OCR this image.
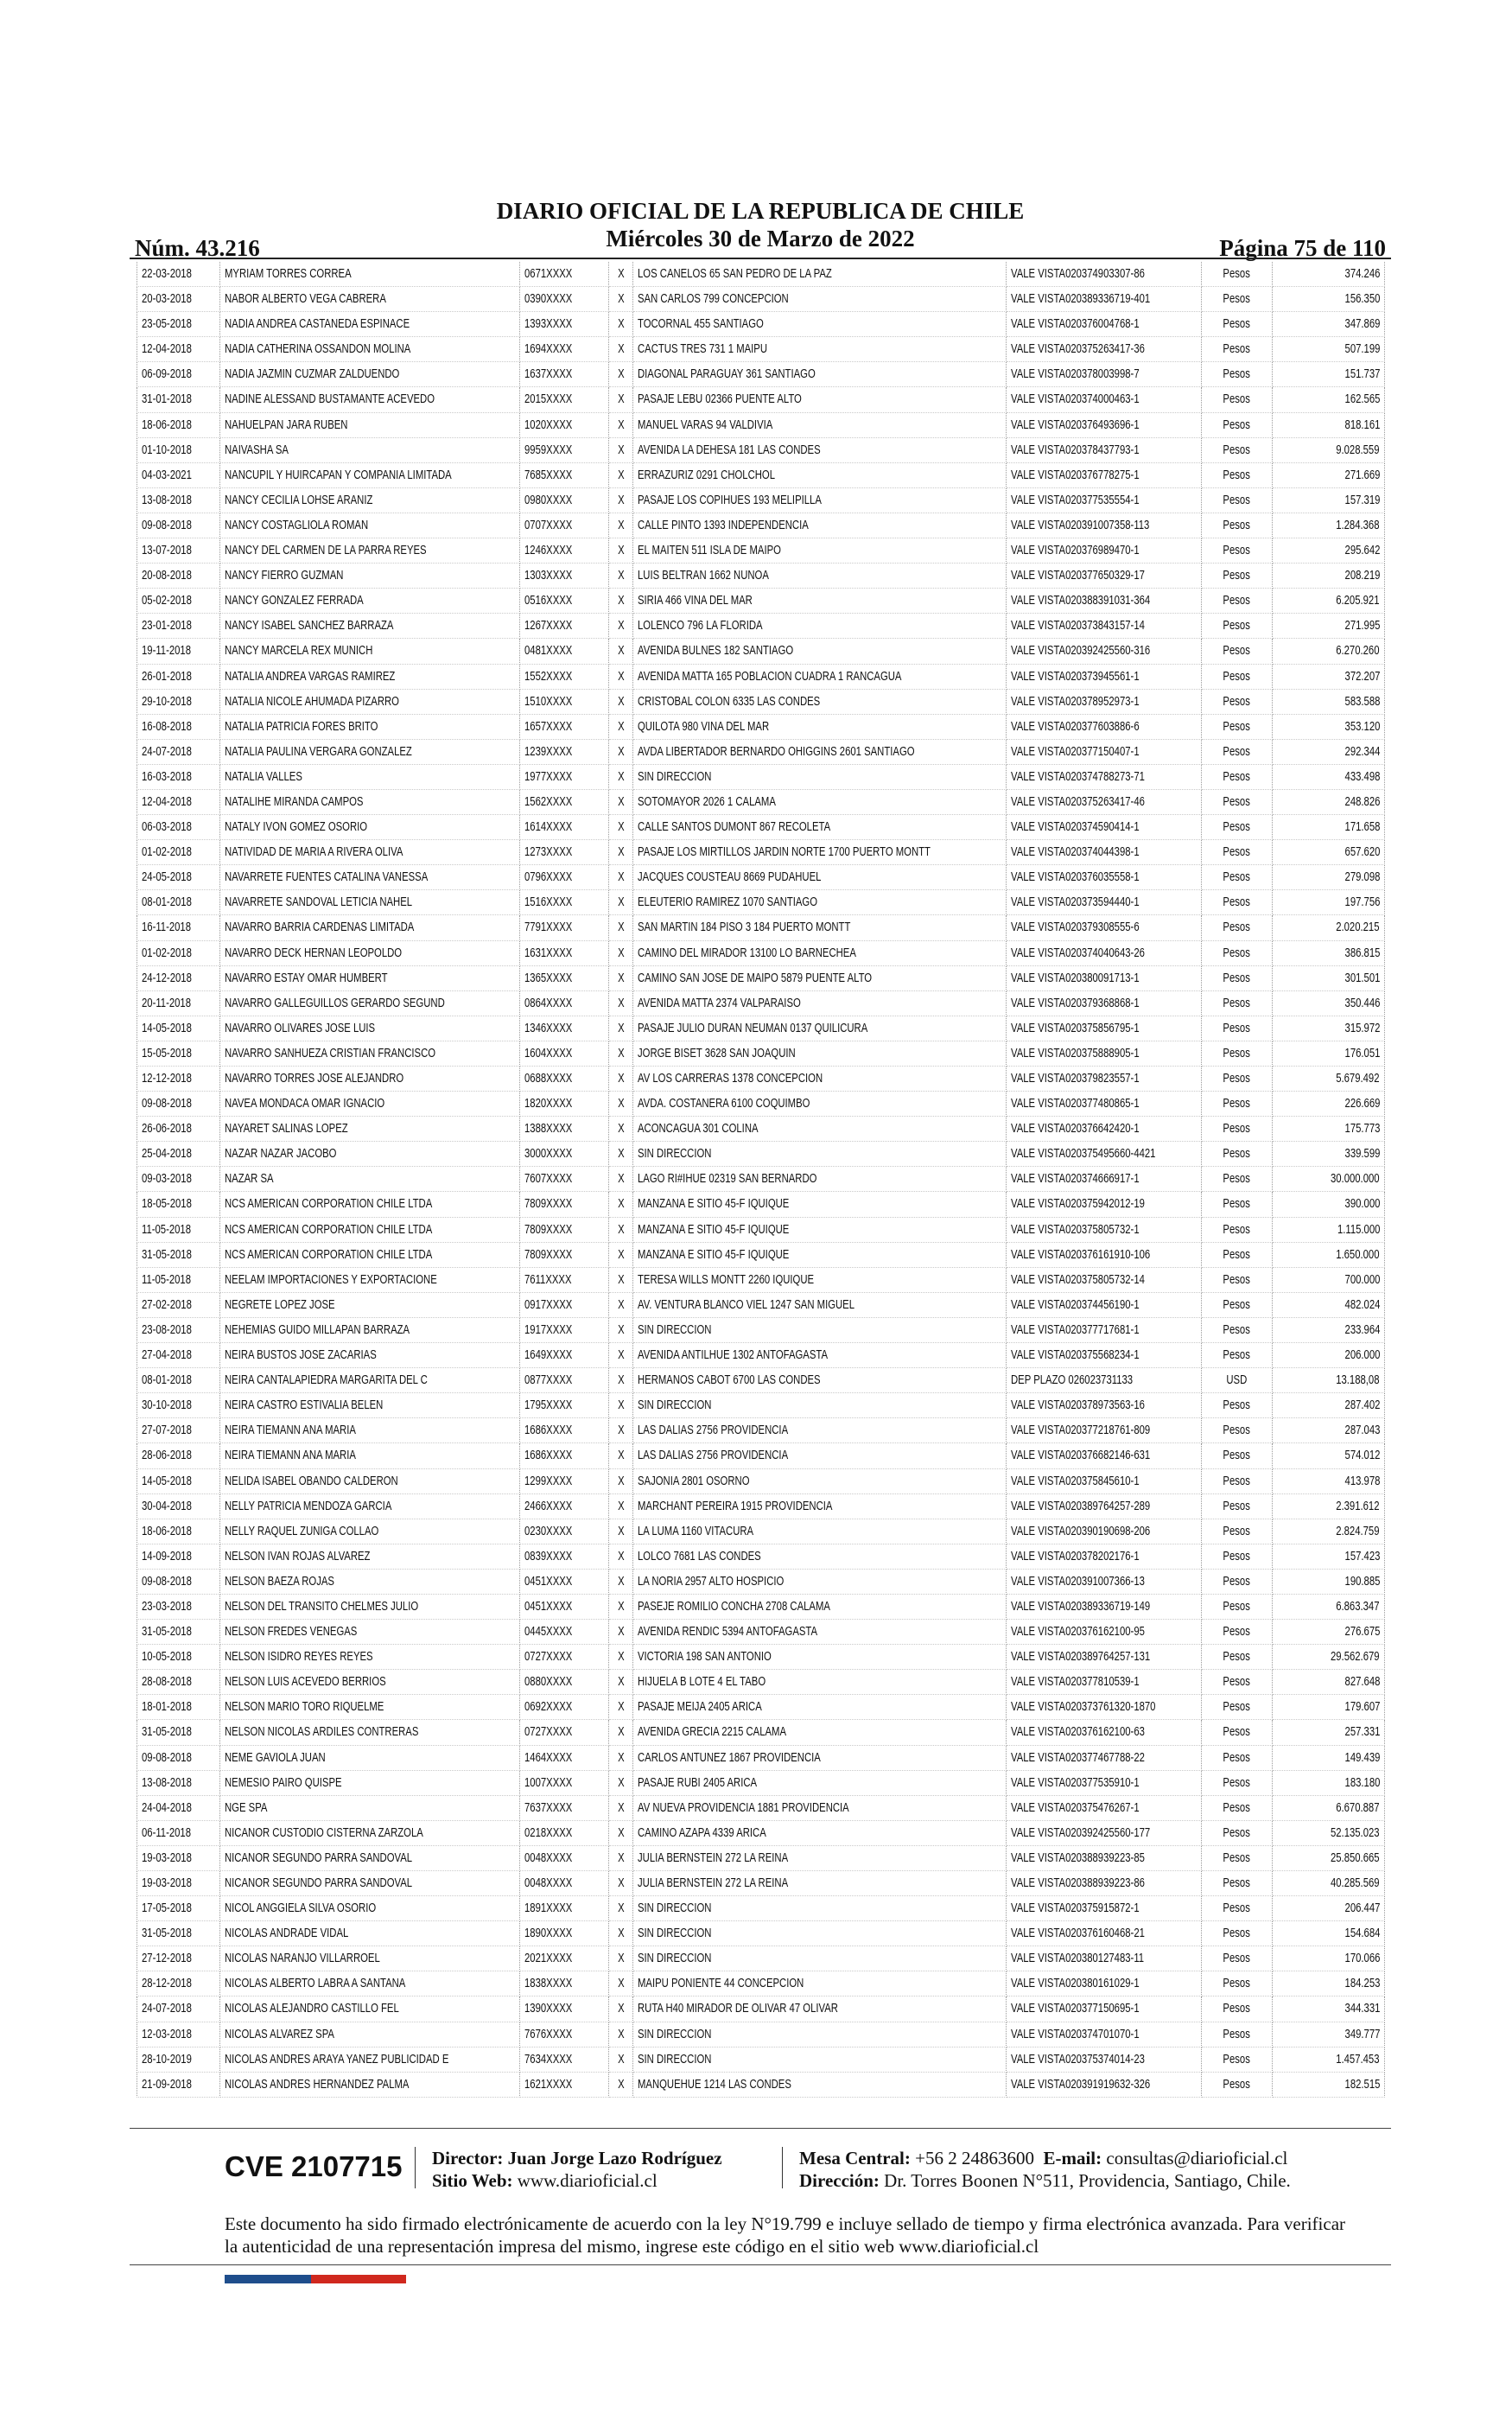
Núm. 43.216
DIARIO OFICIAL DE LA REPUBLICA DE CHILE
Miércoles 30 de Marzo de 2022	Página 75 de 110
22-03-2018	MYRIAM TORRES CORREA	0671XXXX	X	LOS CANELOS 65 SAN PEDRO DE LA PAZ	VALE VISTA020374903307-86	Pesos	374.246
20-03-2018	NABOR ALBERTO VEGA CABRERA	0390XXXX	X	SAN CARLOS 799 CONCEPCION	VALE VISTA020389336719-401	Pesos	156.350
23-05-2018	NADIA ANDREA CASTANEDA ESPINACE	1393XXXX	X	TOCORNAL 455 SANTIAGO	VALE VISTA020376004768-1	Pesos	347.869
12-04-2018	NADIA CATHERINA OSSANDON MOLINA	1694XXXX	X	CACTUS TRES 731 1 MAIPU	VALE VISTA020375263417-36	Pesos	507.199
06-09-2018	NADIA JAZMIN CUZMAR ZALDUENDO	1637XXXX	X	DIAGONAL PARAGUAY 361 SANTIAGO	VALE VISTA020378003998-7	Pesos	151.737
31-01-2018	NADINE ALESSAND BUSTAMANTE ACEVEDO	2015XXXX	X	PASAJE LEBU 02366 PUENTE ALTO	VALE VISTA020374000463-1	Pesos	162.565
18-06-2018	NAHUELPAN JARA RUBEN	1020XXXX	X	MANUEL VARAS 94 VALDIVIA	VALE VISTA020376493696-1	Pesos	818.161
01-10-2018	NAIVASHA SA	9959XXXX	X	AVENIDA LA DEHESA 181 LAS CONDES	VALE VISTA020378437793-1	Pesos	9.028.559
04-03-2021	NANCUPIL Y HUIRCAPAN Y COMPANIA LIMITADA	7685XXXX	X	ERRAZURIZ 0291 CHOLCHOL	VALE VISTA020376778275-1	Pesos	271.669
13-08-2018	NANCY CECILIA LOHSE ARANIZ	0980XXXX	X	PASAJE LOS COPIHUES 193 MELIPILLA	VALE VISTA020377535554-1	Pesos	157.319
09-08-2018	NANCY COSTAGLIOLA ROMAN	0707XXXX	X	CALLE PINTO 1393 INDEPENDENCIA	VALE VISTA020391007358-113	Pesos	1.284.368
13-07-2018	NANCY DEL CARMEN DE LA PARRA REYES	1246XXXX	X	EL MAITEN 511 ISLA DE MAIPO	VALE VISTA020376989470-1	Pesos	295.642
20-08-2018	NANCY FIERRO GUZMAN	1303XXXX	X	LUIS BELTRAN 1662 NUNOA	VALE VISTA020377650329-17	Pesos	208.219
05-02-2018	NANCY GONZALEZ FERRADA	0516XXXX	X	SIRIA 466 VINA DEL MAR	VALE VISTA020388391031-364	Pesos	6.205.921
23-01-2018	NANCY ISABEL SANCHEZ BARRAZA	1267XXXX	X	LOLENCO 796 LA FLORIDA	VALE VISTA020373843157-14	Pesos	271.995
19-11-2018	NANCY MARCELA REX MUNICH	0481XXXX	X	AVENIDA BULNES 182 SANTIAGO	VALE VISTA020392425560-316	Pesos	6.270.260
26-01-2018	NATALIA ANDREA VARGAS RAMIREZ	1552XXXX	X	AVENIDA MATTA 165 POBLACION CUADRA 1 RANCAGUA	VALE VISTA020373945561-1	Pesos	372.207
29-10-2018	NATALIA NICOLE AHUMADA PIZARRO	1510XXXX	X	CRISTOBAL COLON 6335 LAS CONDES	VALE VISTA020378952973-1	Pesos	583.588
16-08-2018	NATALIA PATRICIA FORES BRITO	1657XXXX	X	QUILOTA 980 VINA DEL MAR	VALE VISTA020377603886-6	Pesos	353.120
24-07-2018	NATALIA PAULINA VERGARA GONZALEZ	1239XXXX	X	AVDA LIBERTADOR BERNARDO OHIGGINS 2601 SANTIAGO	VALE VISTA020377150407-1	Pesos	292.344
16-03-2018	NATALIA VALLES	1977XXXX	X	SIN DIRECCION	VALE VISTA020374788273-71	Pesos	433.498
12-04-2018	NATALIHE MIRANDA CAMPOS	1562XXXX	X	SOTOMAYOR 2026 1 CALAMA	VALE VISTA020375263417-46	Pesos	248.826
06-03-2018	NATALY IVON GOMEZ OSORIO	1614XXXX	X	CALLE SANTOS DUMONT 867 RECOLETA	VALE VISTA020374590414-1	Pesos	171.658
01-02-2018	NATIVIDAD DE MARIA A RIVERA OLIVA	1273XXXX	X	PASAJE LOS MIRTILLOS JARDIN NORTE 1700 PUERTO MONTT	VALE VISTA020374044398-1	Pesos	657.620
24-05-2018	NAVARRETE FUENTES CATALINA VANESSA	0796XXXX	X	JACQUES COUSTEAU 8669 PUDAHUEL	VALE VISTA020376035558-1	Pesos	279.098
08-01-2018	NAVARRETE SANDOVAL LETICIA NAHEL	1516XXXX	X	ELEUTERIO RAMIREZ 1070 SANTIAGO	VALE VISTA020373594440-1	Pesos	197.756
16-11-2018	NAVARRO BARRIA CARDENAS LIMITADA	7791XXXX	X	SAN MARTIN 184 PISO 3 184 PUERTO MONTT	VALE VISTA020379308555-6	Pesos	2.020.215
01-02-2018	NAVARRO DECK HERNAN LEOPOLDO	1631XXXX	X	CAMINO DEL MIRADOR 13100 LO BARNECHEA	VALE VISTA020374040643-26	Pesos	386.815
24-12-2018	NAVARRO ESTAY OMAR HUMBERT	1365XXXX	X	CAMINO SAN JOSE DE MAIPO 5879 PUENTE ALTO	VALE VISTA020380091713-1	Pesos	301.501
20-11-2018	NAVARRO GALLEGUILLOS GERARDO SEGUND	0864XXXX	X	AVENIDA MATTA 2374 VALPARAISO	VALE VISTA020379368868-1	Pesos	350.446
14-05-2018	NAVARRO OLIVARES JOSE LUIS	1346XXXX	X	PASAJE JULIO DURAN NEUMAN 0137 QUILICURA	VALE VISTA020375856795-1	Pesos	315.972
15-05-2018	NAVARRO SANHUEZA CRISTIAN FRANCISCO	1604XXXX	X	JORGE BISET 3628 SAN JOAQUIN	VALE VISTA020375888905-1	Pesos	176.051
12-12-2018	NAVARRO TORRES JOSE ALEJANDRO	0688XXXX	X	AV LOS CARRERAS 1378 CONCEPCION	VALE VISTA020379823557-1	Pesos	5.679.492
09-08-2018	NAVEA MONDACA OMAR IGNACIO	1820XXXX	X	AVDA. COSTANERA 6100 COQUIMBO	VALE VISTA020377480865-1	Pesos	226.669
26-06-2018	NAYARET SALINAS LOPEZ	1388XXXX	X	ACONCAGUA 301 COLINA	VALE VISTA020376642420-1	Pesos	175.773
25-04-2018	NAZAR NAZAR JACOBO	3000XXXX	X	SIN DIRECCION	VALE VISTA020375495660-4421	Pesos	339.599
09-03-2018	NAZAR SA	7607XXXX	X	LAGO RI#IHUE 02319 SAN BERNARDO	VALE VISTA020374666917-1	Pesos	30.000.000
18-05-2018	NCS AMERICAN CORPORATION CHILE LTDA	7809XXXX	X	MANZANA E SITIO 45-F IQUIQUE	VALE VISTA020375942012-19	Pesos	390.000
11-05-2018	NCS AMERICAN CORPORATION CHILE LTDA	7809XXXX	X	MANZANA E SITIO 45-F IQUIQUE	VALE VISTA020375805732-1	Pesos	1.115.000
31-05-2018	NCS AMERICAN CORPORATION CHILE LTDA	7809XXXX	X	MANZANA E SITIO 45-F IQUIQUE	VALE VISTA020376161910-106	Pesos	1.650.000
11-05-2018	NEELAM IMPORTACIONES Y EXPORTACIONE	7611XXXX	X	TERESA WILLS MONTT 2260 IQUIQUE	VALE VISTA020375805732-14	Pesos	700.000
27-02-2018	NEGRETE LOPEZ JOSE	0917XXXX	X	AV. VENTURA BLANCO VIEL 1247 SAN MIGUEL	VALE VISTA020374456190-1	Pesos	482.024
23-08-2018	NEHEMIAS GUIDO MILLAPAN BARRAZA	1917XXXX	X	SIN DIRECCION	VALE VISTA020377717681-1	Pesos	233.964
27-04-2018	NEIRA BUSTOS JOSE ZACARIAS	1649XXXX	X	AVENIDA ANTILHUE 1302 ANTOFAGASTA	VALE VISTA020375568234-1	Pesos	206.000
08-01-2018	NEIRA CANTALAPIEDRA MARGARITA DEL C	0877XXXX	X	HERMANOS CABOT 6700 LAS CONDES	DEP PLAZO 026023731133	USD	13.188,08
30-10-2018	NEIRA CASTRO ESTIVALIA BELEN	1795XXXX	X	SIN DIRECCION	VALE VISTA020378973563-16	Pesos	287.402
27-07-2018	NEIRA TIEMANN ANA MARIA	1686XXXX	X	LAS DALIAS 2756 PROVIDENCIA	VALE VISTA020377218761-809	Pesos	287.043
28-06-2018	NEIRA TIEMANN ANA MARIA	1686XXXX	X	LAS DALIAS 2756 PROVIDENCIA	VALE VISTA020376682146-631	Pesos	574.012
14-05-2018	NELIDA ISABEL OBANDO CALDERON	1299XXXX	X	SAJONIA 2801 OSORNO	VALE VISTA020375845610-1	Pesos	413.978
30-04-2018	NELLY PATRICIA MENDOZA GARCIA	2466XXXX	X	MARCHANT PEREIRA 1915 PROVIDENCIA	VALE VISTA020389764257-289	Pesos	2.391.612
18-06-2018	NELLY RAQUEL ZUNIGA COLLAO	0230XXXX	X	LA LUMA 1160 VITACURA	VALE VISTA020390190698-206	Pesos	2.824.759
14-09-2018	NELSON IVAN ROJAS ALVAREZ	0839XXXX	X	LOLCO 7681 LAS CONDES	VALE VISTA020378202176-1	Pesos	157.423
09-08-2018	NELSON BAEZA ROJAS	0451XXXX	X	LA NORIA 2957 ALTO HOSPICIO	VALE VISTA020391007366-13	Pesos	190.885
23-03-2018	NELSON DEL TRANSITO CHELMES JULIO	0451XXXX	X	PASEJE ROMILIO CONCHA 2708 CALAMA	VALE VISTA020389336719-149	Pesos	6.863.347
31-05-2018	NELSON FREDES VENEGAS	0445XXXX	X	AVENIDA RENDIC 5394 ANTOFAGASTA	VALE VISTA020376162100-95	Pesos	276.675
10-05-2018	NELSON ISIDRO REYES REYES	0727XXXX	X	VICTORIA 198 SAN ANTONIO	VALE VISTA020389764257-131	Pesos	29.562.679
28-08-2018	NELSON LUIS ACEVEDO BERRIOS	0880XXXX	X	HIJUELA B LOTE 4 EL TABO	VALE VISTA020377810539-1	Pesos	827.648
18-01-2018	NELSON MARIO TORO RIQUELME	0692XXXX	X	PASAJE MEIJA 2405 ARICA	VALE VISTA020373761320-1870	Pesos	179.607
31-05-2018	NELSON NICOLAS ARDILES CONTRERAS	0727XXXX	X	AVENIDA GRECIA 2215 CALAMA	VALE VISTA020376162100-63	Pesos	257.331
09-08-2018	NEME GAVIOLA JUAN	1464XXXX	X	CARLOS ANTUNEZ 1867 PROVIDENCIA	VALE VISTA020377467788-22	Pesos	149.439
13-08-2018	NEMESIO PAIRO QUISPE	1007XXXX	X	PASAJE RUBI 2405 ARICA	VALE VISTA020377535910-1	Pesos	183.180
24-04-2018	NGE SPA	7637XXXX	X	AV NUEVA PROVIDENCIA 1881 PROVIDENCIA	VALE VISTA020375476267-1	Pesos	6.670.887
06-11-2018	NICANOR CUSTODIO CISTERNA ZARZOLA	0218XXXX	X	CAMINO AZAPA 4339 ARICA	VALE VISTA020392425560-177	Pesos	52.135.023
19-03-2018	NICANOR SEGUNDO PARRA SANDOVAL	0048XXXX	X	JULIA BERNSTEIN 272 LA REINA	VALE VISTA020388939223-85	Pesos	25.850.665
19-03-2018	NICANOR SEGUNDO PARRA SANDOVAL	0048XXXX	X	JULIA BERNSTEIN 272 LA REINA	VALE VISTA020388939223-86	Pesos	40.285.569
17-05-2018	NICOL ANGGIELA SILVA OSORIO	1891XXXX	X	SIN DIRECCION	VALE VISTA020375915872-1	Pesos	206.447
31-05-2018	NICOLAS ANDRADE VIDAL	1890XXXX	X	SIN DIRECCION	VALE VISTA020376160468-21	Pesos	154.684
27-12-2018	NICOLAS NARANJO VILLARROEL	2021XXXX	X	SIN DIRECCION	VALE VISTA020380127483-11	Pesos	170.066
28-12-2018	NICOLAS ALBERTO LABRA A SANTANA	1838XXXX	X	MAIPU PONIENTE 44 CONCEPCION	VALE VISTA020380161029-1	Pesos	184.253
24-07-2018	NICOLAS ALEJANDRO CASTILLO FEL	1390XXXX	X	RUTA H40 MIRADOR DE OLIVAR 47 OLIVAR	VALE VISTA020377150695-1	Pesos	344.331
12-03-2018	NICOLAS ALVAREZ SPA	7676XXXX	X	SIN DIRECCION	VALE VISTA020374701070-1	Pesos	349.777
28-10-2019	NICOLAS ANDRES ARAYA YANEZ PUBLICIDAD E	7634XXXX	X	SIN DIRECCION	VALE VISTA020375374014-23	Pesos	1.457.453
21-09-2018	NICOLAS ANDRES HERNANDEZ PALMA	1621XXXX	X	MANQUEHUE 1214 LAS CONDES	VALE VISTA020391919632-326	Pesos	182.515
CVE 2107715 Director: Juan Jorge Lazo Rodríguez
Sitio Web: www.diarioficial.cl
Mesa Central: +56 2 24863600 E-mail: consultas@diarioficial.cl
Dirección: Dr. Torres Boonen N°511, Providencia, Santiago, Chile.
Este documento ha sido firmado electrónicamente de acuerdo con la ley N°19.799 e incluye sellado de tiempo y firma electrónica avanzada. Para verificar la autenticidad de una representación impresa del mismo, ingrese este código en el sitio web www.diarioficial.cl
